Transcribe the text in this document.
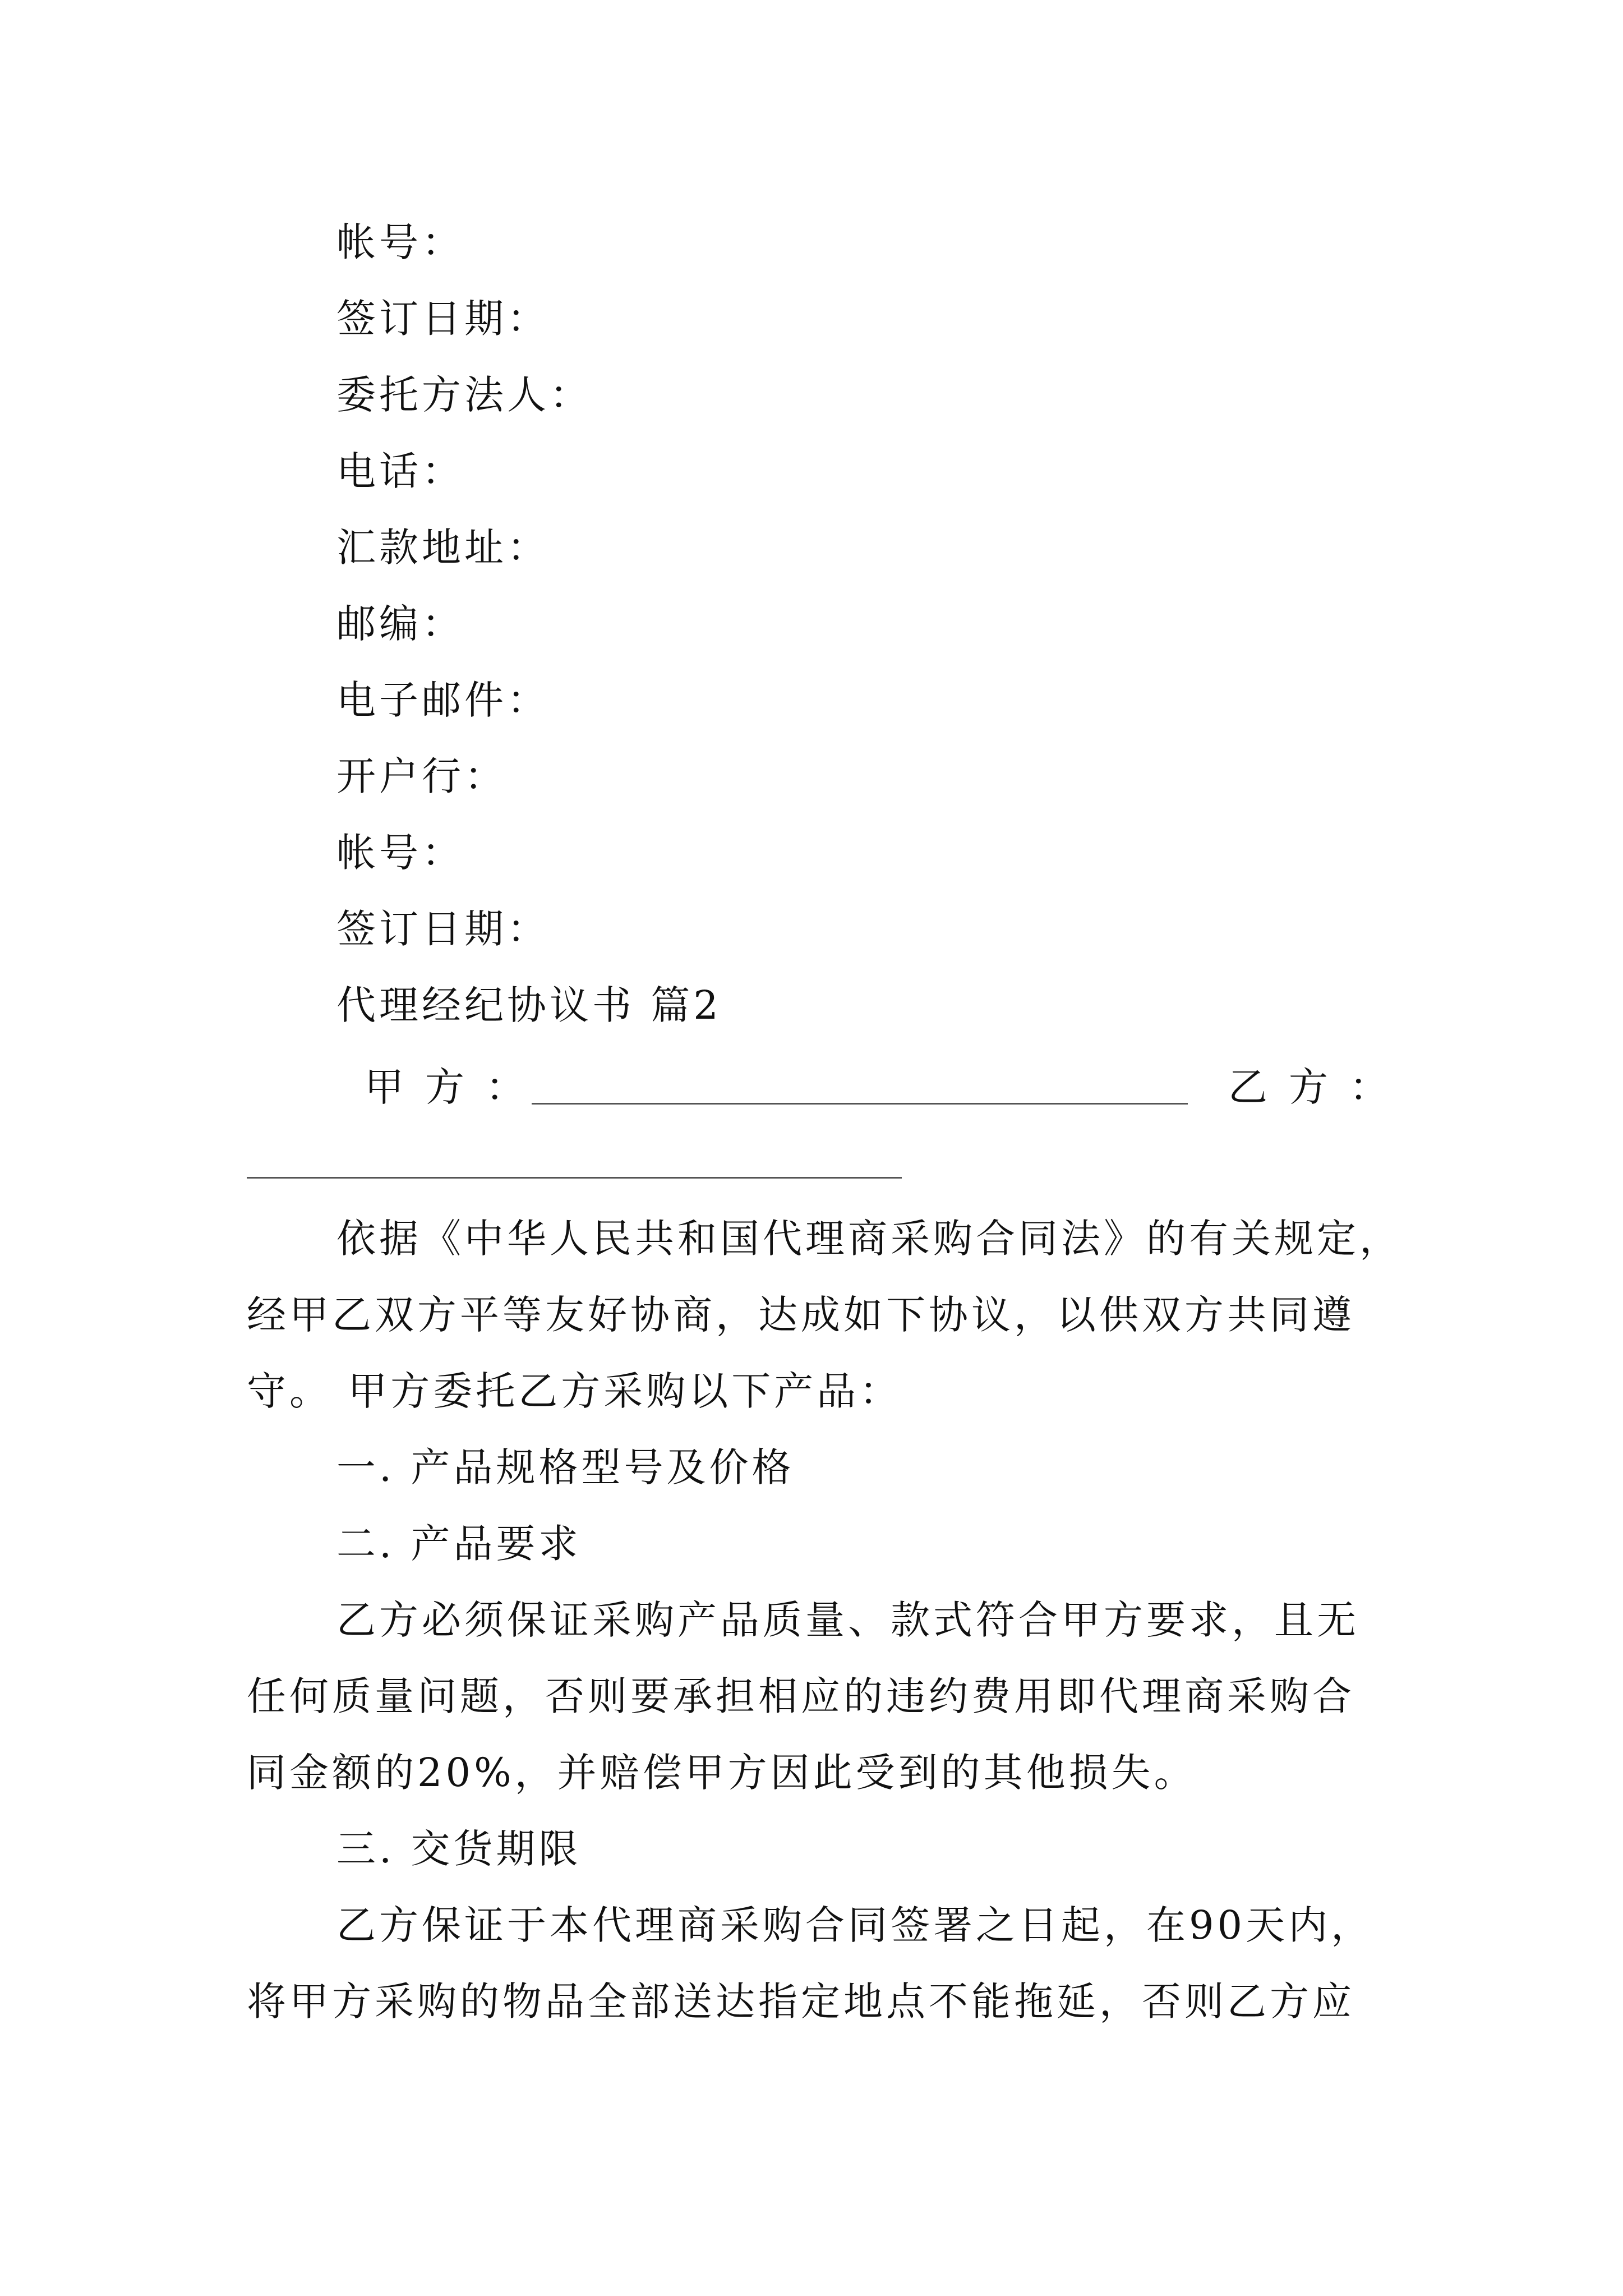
帐号：
签订日期：
委托方法人：
电话：
汇款地址：
邮编：
电子邮件：
开户行：
帐号：
签订日期：
代理经纪协议书 篇2
甲方：	乙方：
依据《中华人民共和国代理商采购合同法》的有关规定，
经甲乙双方平等友好协商，达成如下协议，以供双方共同遵
守。 甲方委托乙方采购以下产品：
一. 产品规格型号及价格
二. 产品要求
乙方必须保证采购产品质量、款式符合甲方要求，且无
任何质量问题，否则要承担相应的违约费用即代理商采购合
同金额的20%，并赔偿甲方因此受到的其他损失。
三. 交货期限
乙方保证于本代理商采购合同签署之日起，在90天内，
将甲方采购的物品全部送达指定地点不能拖延，否则乙方应
